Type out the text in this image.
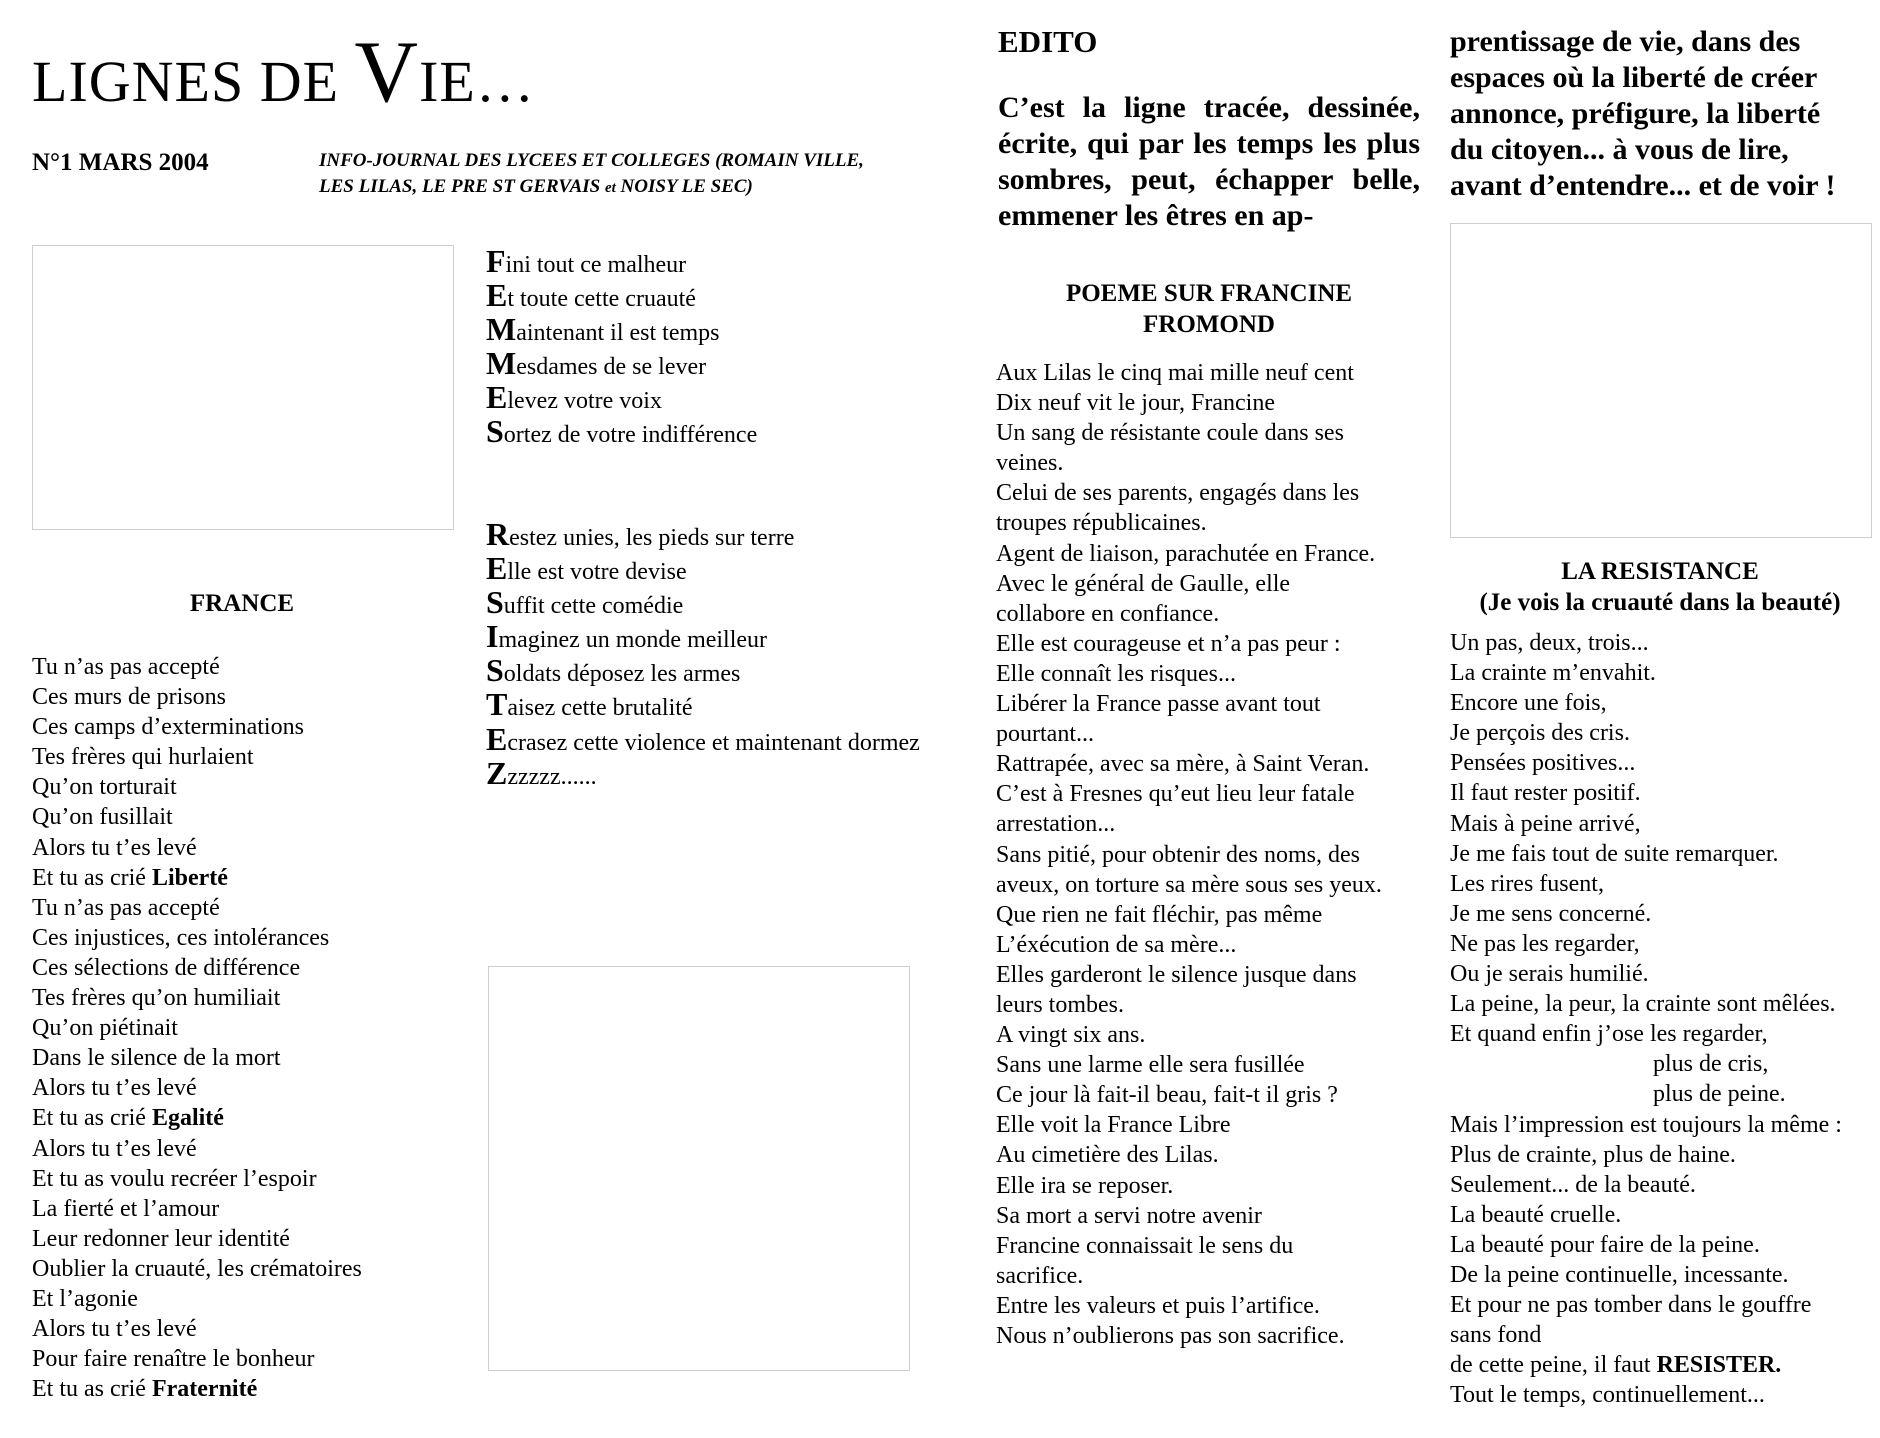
LIGNES DE VIE…
N°1 MARS 2004	INFO-JOURNAL DES LYCEES ET COLLEGES (ROMAIN VILLE,
LES LILAS, LE PRE ST GERVAIS et NOISY LE SEC)
FRANCE
Tu n’as pas accepté
Ces murs de prisons
Ces camps d’exterminations
Tes frères qui hurlaient
Qu’on torturait
Qu’on fusillait
Alors tu t’es levé
Et tu as crié Liberté
Tu n’as pas accepté
Ces injustices, ces intolérances
Ces sélections de différence
Tes frères qu’on humiliait
Qu’on piétinait
Dans le silence de la mort
Alors tu t’es levé
Et tu as crié Egalité
Alors tu t’es levé
Et tu as voulu recréer l’espoir
La fierté et l’amour
Leur redonner leur identité
Oublier la cruauté, les crématoires
Et l’agonie
Alors tu t’es levé
Pour faire renaître le bonheur
Et tu as crié Fraternité
Fini tout ce malheur
Et toute cette cruauté
Maintenant il est temps
Mesdames de se lever
Elevez votre voix
Sortez de votre indifférence
Restez unies, les pieds sur terre
Elle est votre devise
Suffit cette comédie
Imaginez un monde meilleur
Soldats déposez les armes
Taisez cette brutalité
Ecrasez cette violence et maintenant dormez
Zzzzzz......
EDITO
C’est la ligne tracée, dessinée, écrite, qui par les temps les plus sombres, peut, échapper belle, emmener les êtres en ap-
prentissage de vie, dans des
espaces où la liberté de créer
annonce, préfigure, la liberté
du citoyen... à vous de lire,
avant d’entendre... et de voir !
POEME SUR FRANCINE
FROMOND
Aux Lilas le cinq mai mille neuf cent
Dix neuf vit le jour, Francine
Un sang de résistante coule dans ses
veines.
Celui de ses parents, engagés dans les
troupes républicaines.
Agent de liaison, parachutée en France.
Avec le général de Gaulle, elle
collabore en confiance.
Elle est courageuse et n’a pas peur :
Elle connaît les risques...
Libérer la France passe avant tout
pourtant...
Rattrapée, avec sa mère, à Saint Veran.
C’est à Fresnes qu’eut lieu leur fatale
arrestation...
Sans pitié, pour obtenir des noms, des
aveux, on torture sa mère sous ses yeux.
Que rien ne fait fléchir, pas même
L’éxécution de sa mère...
Elles garderont le silence jusque dans
leurs tombes.
A vingt six ans.
Sans une larme elle sera fusillée
Ce jour là fait-il beau, fait-t il gris ?
Elle voit la France Libre
Au cimetière des Lilas.
Elle ira se reposer.
Sa mort a servi notre avenir
Francine connaissait le sens du
sacrifice.
Entre les valeurs et puis l’artifice.
Nous n’oublierons pas son sacrifice.
LA RESISTANCE
(Je vois la cruauté dans la beauté)
Un pas, deux, trois...
La crainte m’envahit.
Encore une fois,
Je perçois des cris.
Pensées positives...
Il faut rester positif.
Mais à peine arrivé,
Je me fais tout de suite remarquer.
Les rires fusent,
Je me sens concerné.
Ne pas les regarder,
Ou je serais humilié.
La peine, la peur, la crainte sont mêlées.
Et quand enfin j’ose les regarder,
plus de cris,
plus de peine.
Mais l’impression est toujours la même :
Plus de crainte, plus de haine.
Seulement... de la beauté.
La beauté cruelle.
La beauté pour faire de la peine.
De la peine continuelle, incessante.
Et pour ne pas tomber dans le gouffre
sans fond
de cette peine, il faut RESISTER.
Tout le temps, continuellement...
